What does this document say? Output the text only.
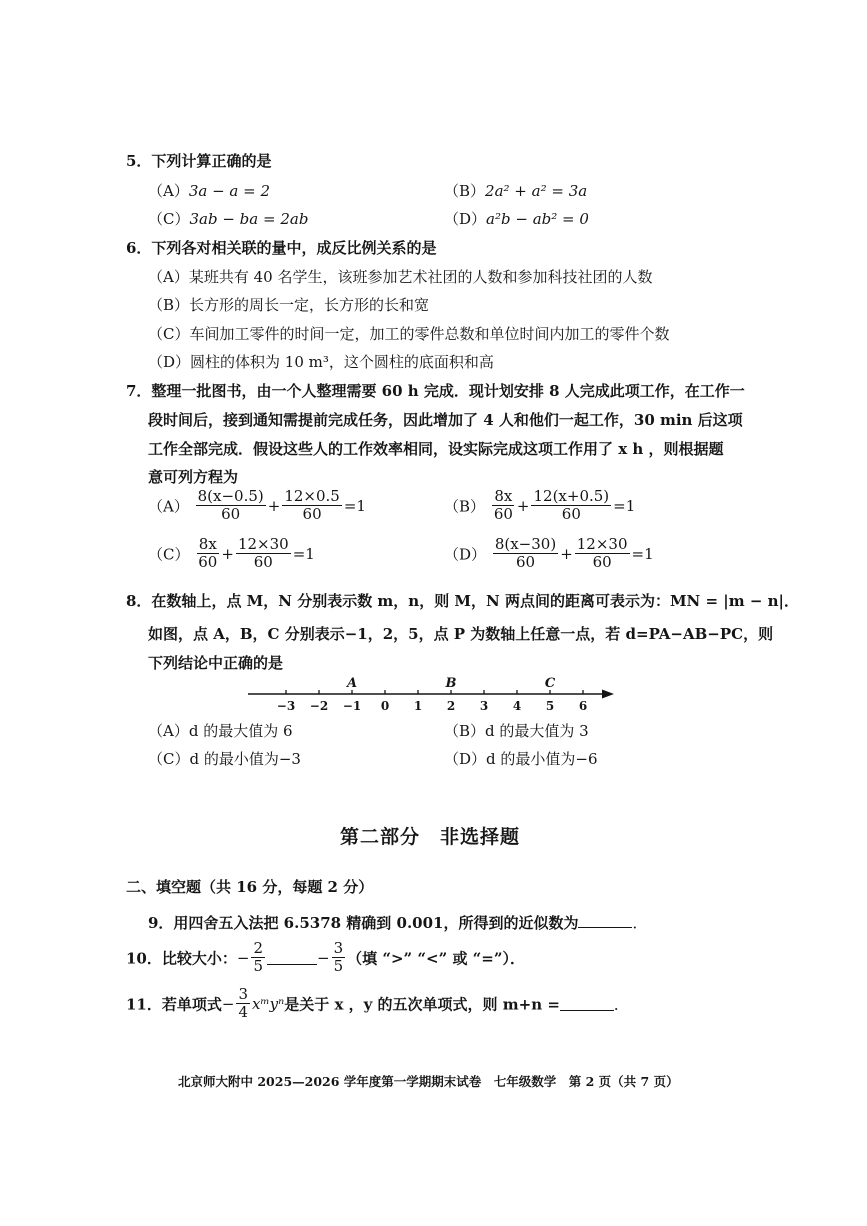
5．下列计算正确的是
（A）3a − a = 2	（B）2a² + a² = 3a
（C）3ab − ba = 2ab	（D）a²b − ab² = 0
6．下列各对相关联的量中，成反比例关系的是
（A）某班共有 40 名学生，该班参加艺术社团的人数和参加科技社团的人数
（B）长方形的周长一定，长方形的长和宽
（C）车间加工零件的时间一定，加工的零件总数和单位时间内加工的零件个数
（D）圆柱的体积为 10 m³，这个圆柱的底面积和高
7．整理一批图书，由一个人整理需要 60 h 完成．现计划安排 8 人完成此项工作，在工作一
段时间后，接到通知需提前完成任务，因此增加了 4 人和他们一起工作，30 min 后这项
工作全部完成．假设这些人的工作效率相同，设实际完成这项工作用了 x h ，则根据题
意可列方程为
$(A) \frac{8(x-0.5)}{60} + \frac{12\times 0.5}{60} =1$	$(B) \frac{8x}{60} + \frac{12(x+0.5)}{60} =1$
$(C) \frac{8x}{60} + \frac{12\times 30}{60} =1$	$(D) \frac{8(x-30)}{60} + \frac{12\times 30}{60} =1$
8．在数轴上，点 M，N 分别表示数 m，n，则 M，N 两点间的距离可表示为：MN = |m − n|．
如图，点 A，B，C 分别表示−1，2，5，点 P 为数轴上任意一点，若 d=PA−AB−PC，则
下列结论中正确的是
−3 −2 −1 0 1 2 3 4 5 6
A	B	C
（A）d 的最大值为 6	（B）d 的最大值为 3
（C）d 的最小值为−3	（D）d 的最小值为−6
第二部分　非选择题
二、填空题（共 16 分，每题 2 分）
9．用四舍五入法把 6.5378 精确到 0.001，所得到的近似数为	．
10．比较大小：− $\frac{2}{5}$	− $\frac{3}{5}$ （填 “>” “<” 或 “=”）．
11．若单项式− $\frac{3}{4}$ xᵐyⁿ是关于 x ，y 的五次单项式，则 m+n =	．
北京师大附中 2025—2026 学年度第一学期期末试卷　七年级数学　第 2 页（共 7 页）
